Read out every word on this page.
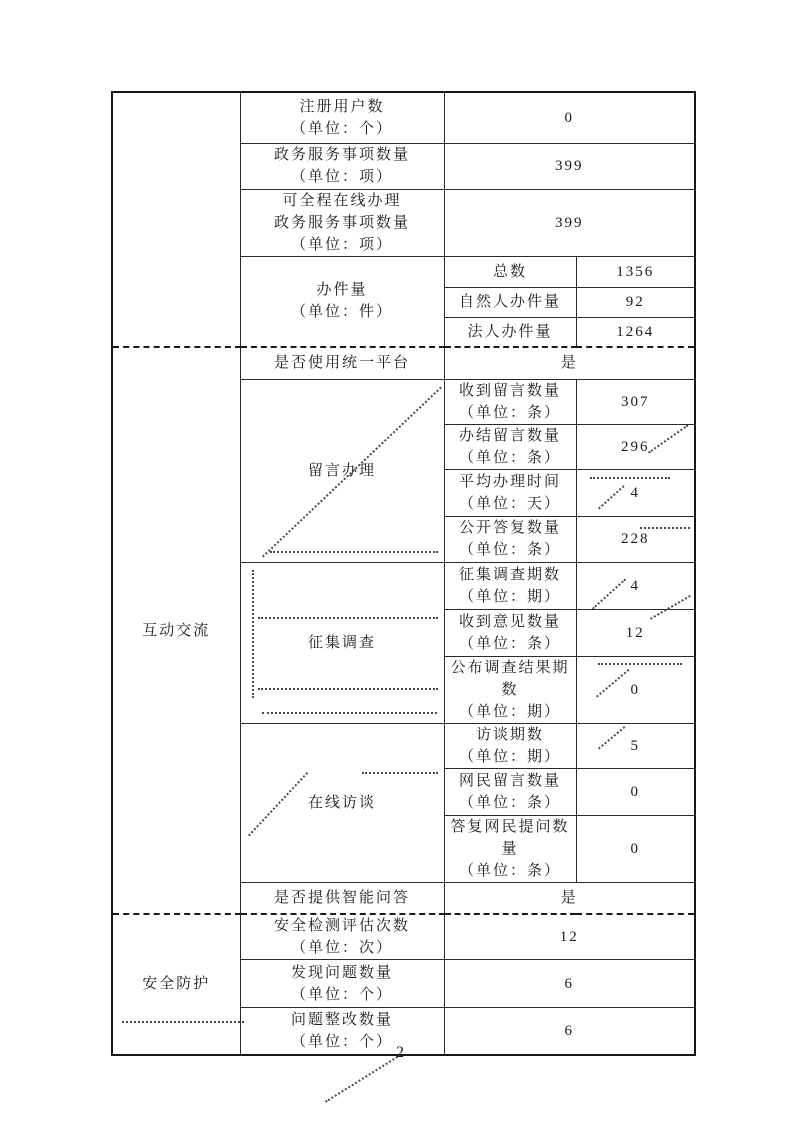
	注册用户数
（单位：个）	0	

	政务服务事项数量
（单位：项）	399	

	可全程在线办理
政务服务事项数量
（单位：项）	399	

	办件量
（单位：件）	总数	1356
		自然人办件量	92
		法人办件量	1264
互动交流	是否使用统一平台	是	
	留言办理	收到留言数量
（单位：条）	307

		办结留言数量
（单位：条）	296

		平均办理时间
（单位：天）	4

		公开答复数量
（单位：条）	228
	征集调查	征集调查期数
（单位：期）	4

		收到意见数量
（单位：条）	12

		公布调查结果期数
（单位：期）	0
	在线访谈	访谈期数
（单位：期）	5

		网民留言数量
（单位：条）	0

		答复网民提问数量
（单位：条）	0
	是否提供智能问答	是	
安全防护	安全检测评估次数
（单位：次）	12	

	发现问题数量
（单位：个）	6	

	问题整改数量
（单位：个）	6	
2
